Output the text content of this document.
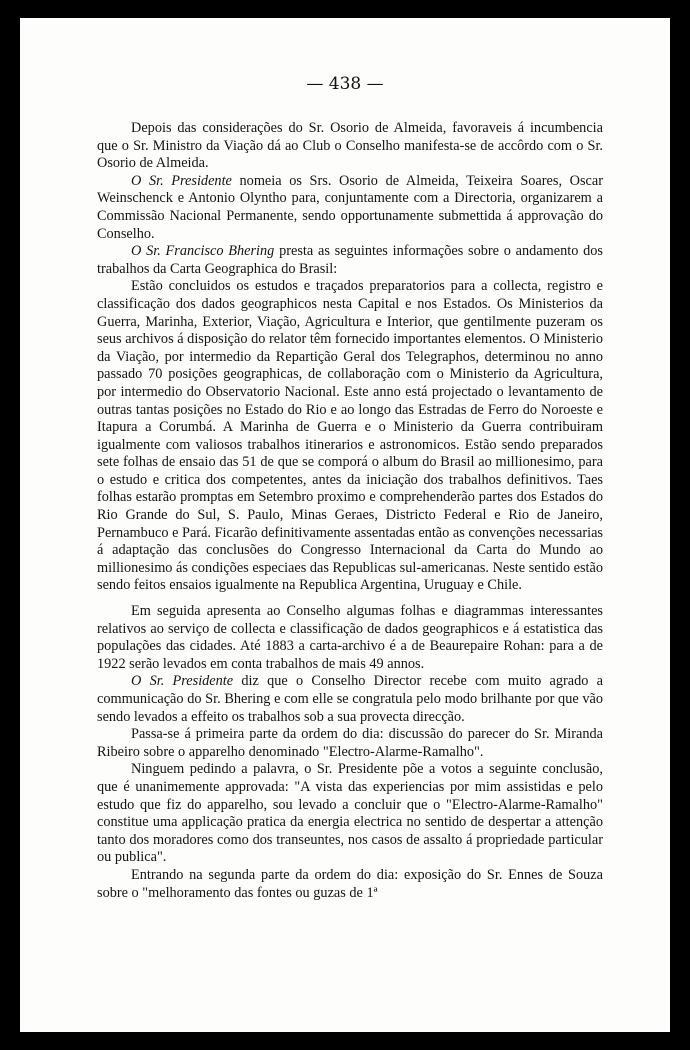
— 438 —

Depois das considerações do Sr. Osorio de Almeida, favoraveis á incumbencia que o Sr. Ministro da Viação dá ao Club o Conselho manifesta-se de accôrdo com o Sr. Osorio de Almeida.

O Sr. Presidente nomeia os Srs. Osorio de Almeida, Teixeira Soares, Oscar Weinschenck e Antonio Olyntho para, conjuntamente com a Directoria, organizarem a Commissão Nacional Permanente, sendo opportunamente submettida á approvação do Conselho.

O Sr. Francisco Bhering presta as seguintes informações sobre o andamento dos trabalhos da Carta Geographica do Brasil:

Estão concluidos os estudos e traçados preparatorios para a collecta, registro e classificação dos dados geographicos nesta Capital e nos Estados. Os Ministerios da Guerra, Marinha, Exterior, Viação, Agricultura e Interior, que gentilmente puzeram os seus archivos á disposição do relator têm fornecido importantes elementos. O Ministerio da Viação, por intermedio da Repartição Geral dos Telegraphos, determinou no anno passado 70 posições geographicas, de collaboração com o Ministerio da Agricultura, por intermedio do Observatorio Nacional. Este anno está projectado o levantamento de outras tantas posições no Estado do Rio e ao longo das Estradas de Ferro do Noroeste e Itapura a Corumbá. A Marinha de Guerra e o Ministerio da Guerra contribuiram igualmente com valiosos trabalhos itinerarios e astronomicos. Estão sendo preparados sete folhas de ensaio das 51 de que se comporá o album do Brasil ao millionesimo, para o estudo e critica dos competentes, antes da iniciação dos trabalhos definitivos. Taes folhas estarão promptas em Setembro proximo e comprehenderão partes dos Estados do Rio Grande do Sul, S. Paulo, Minas Geraes, Districto Federal e Rio de Janeiro, Pernambuco e Pará. Ficarão definitivamente assentadas então as convenções necessarias á adaptação das conclusões do Congresso Internacional da Carta do Mundo ao millionesimo ás condições especiaes das Republicas sul-americanas. Neste sentido estão sendo feitos ensaios igualmente na Republica Argentina, Uruguay e Chile.

Em seguida apresenta ao Conselho algumas folhas e diagrammas interessantes relativos ao serviço de collecta e classificação de dados geographicos e á estatistica das populações das cidades. Até 1883 a carta-archivo é a de Beaurepaire Rohan: para a de 1922 serão levados em conta trabalhos de mais 49 annos.

O Sr. Presidente diz que o Conselho Director recebe com muito agrado a communicação do Sr. Bhering e com elle se congratula pelo modo brilhante por que vão sendo levados a effeito os trabalhos sob a sua provecta direcção.

Passa-se á primeira parte da ordem do dia: discussão do parecer do Sr. Miranda Ribeiro sobre o apparelho denominado "Electro-Alarme-Ramalho".

Ninguem pedindo a palavra, o Sr. Presidente põe a votos a seguinte conclusão, que é unanimemente approvada: "A vista das experiencias por mim assistidas e pelo estudo que fiz do apparelho, sou levado a concluir que o "Electro-Alarme-Ramalho" constitue uma applicação pratica da energia electrica no sentido de despertar a attenção tanto dos moradores como dos transeuntes, nos casos de assalto á propriedade particular ou publica".

Entrando na segunda parte da ordem do dia: exposição do Sr. Ennes de Souza sobre o "melhoramento das fontes ou guzas de 1ª
